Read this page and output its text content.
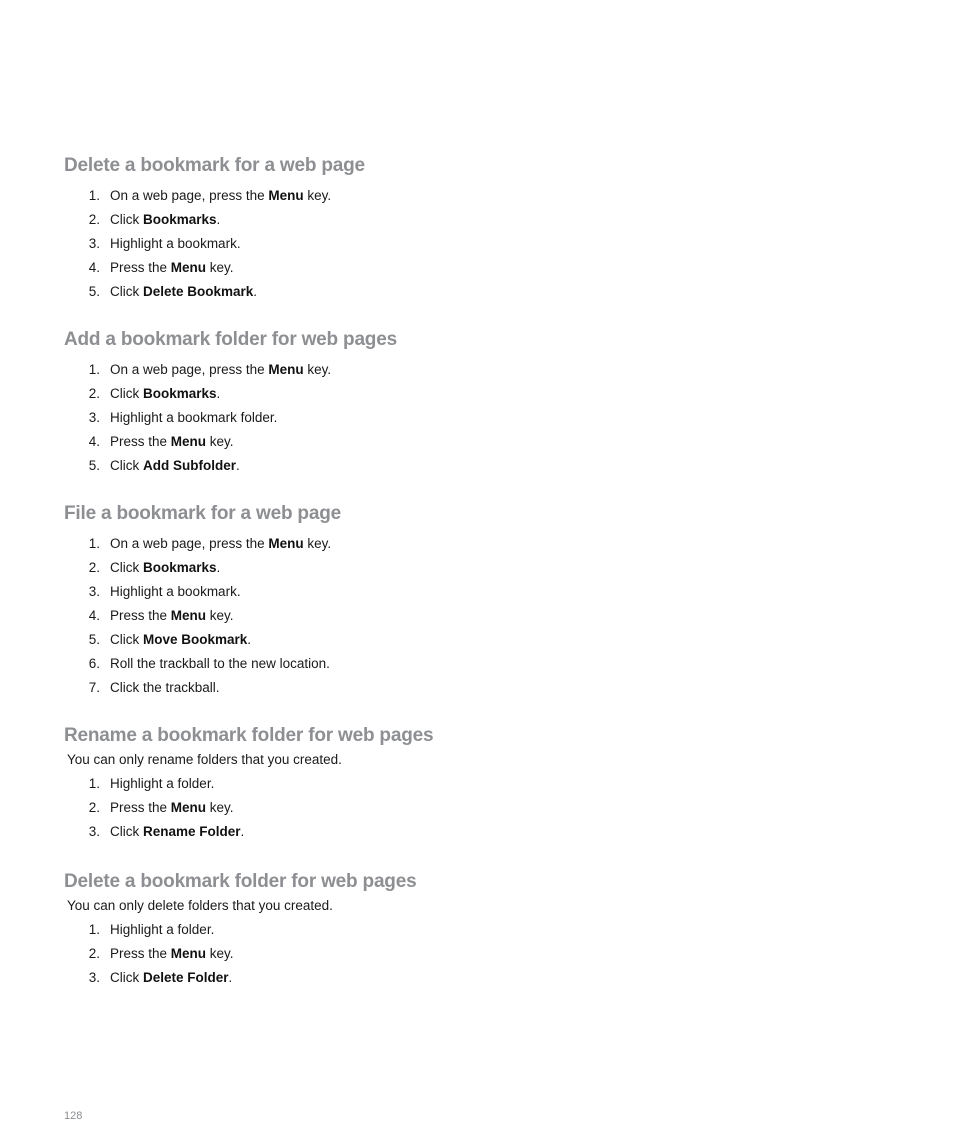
Delete a bookmark for a web page
1. On a web page, press the Menu key.
2. Click Bookmarks.
3. Highlight a bookmark.
4. Press the Menu key.
5. Click Delete Bookmark.
Add a bookmark folder for web pages
1. On a web page, press the Menu key.
2. Click Bookmarks.
3. Highlight a bookmark folder.
4. Press the Menu key.
5. Click Add Subfolder.
File a bookmark for a web page
1. On a web page, press the Menu key.
2. Click Bookmarks.
3. Highlight a bookmark.
4. Press the Menu key.
5. Click Move Bookmark.
6. Roll the trackball to the new location.
7. Click the trackball.
Rename a bookmark folder for web pages

You can only rename folders that you created.

1. Highlight a folder.
2. Press the Menu key.
3. Click Rename Folder.
Delete a bookmark folder for web pages

You can only delete folders that you created.

1. Highlight a folder.
2. Press the Menu key.
3. Click Delete Folder.
128
